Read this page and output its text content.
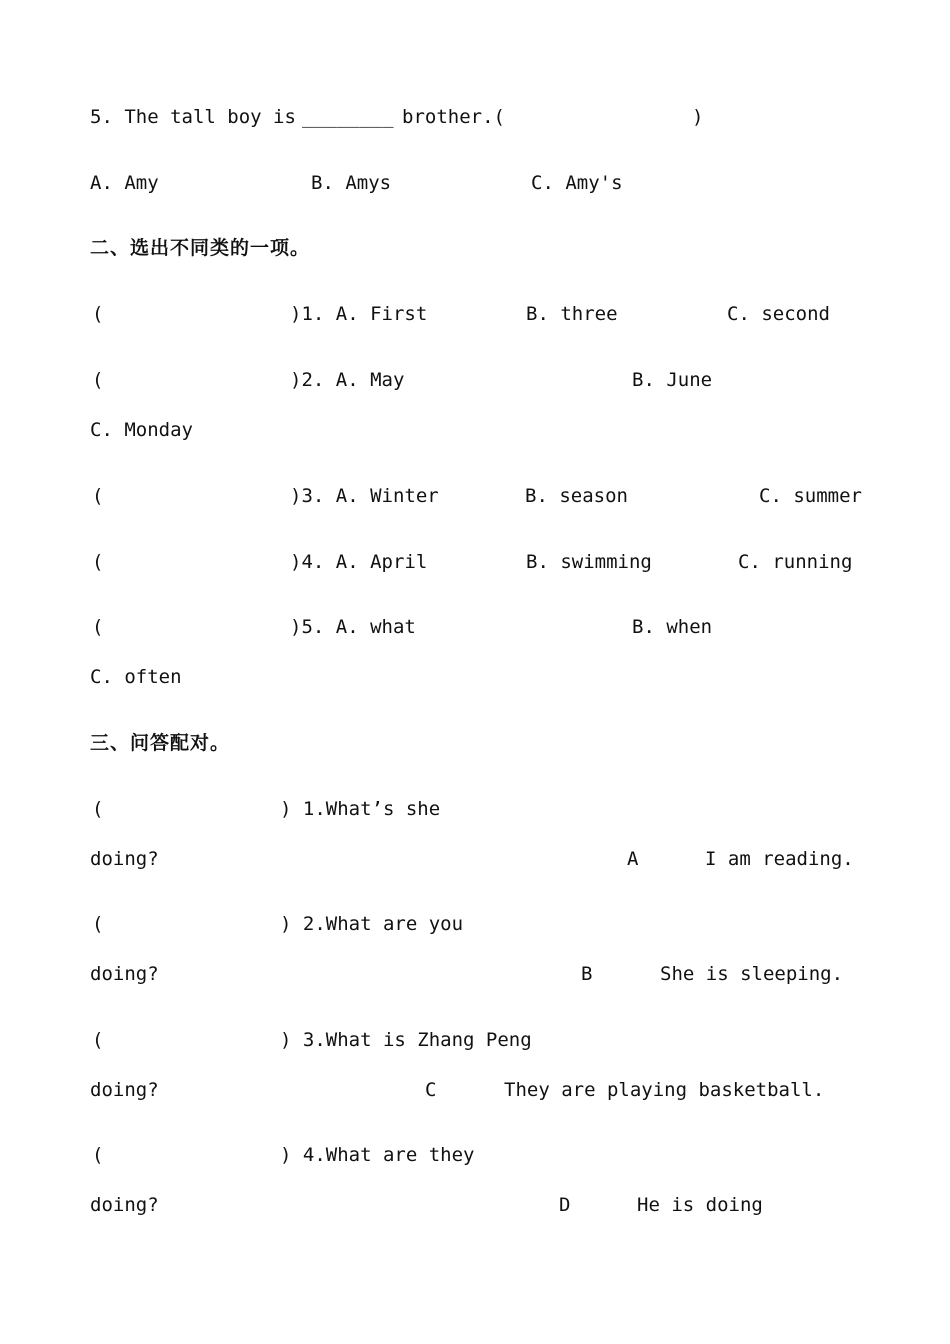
5. The tall boy is ________ brother.(	)
A. Amy	B. Amys	C. Amy's
二、选出不同类的一项。
(	)1. A. First	B. three	C. second
(	)2. A. May	B. June
C. Monday
(	)3. A. Winter	B. season	C. summer
(	)4. A. April	B. swimming	C. running
(	)5. A. what	B. when
C. often
三、问答配对。
(	) 1.What’s she
doing?	A	I am reading.
(	) 2.What are you
doing?	B	She is sleeping.
(	) 3.What is Zhang Peng
doing?	C	They are playing basketball.
(	) 4.What are they
doing?	D	He is doing
